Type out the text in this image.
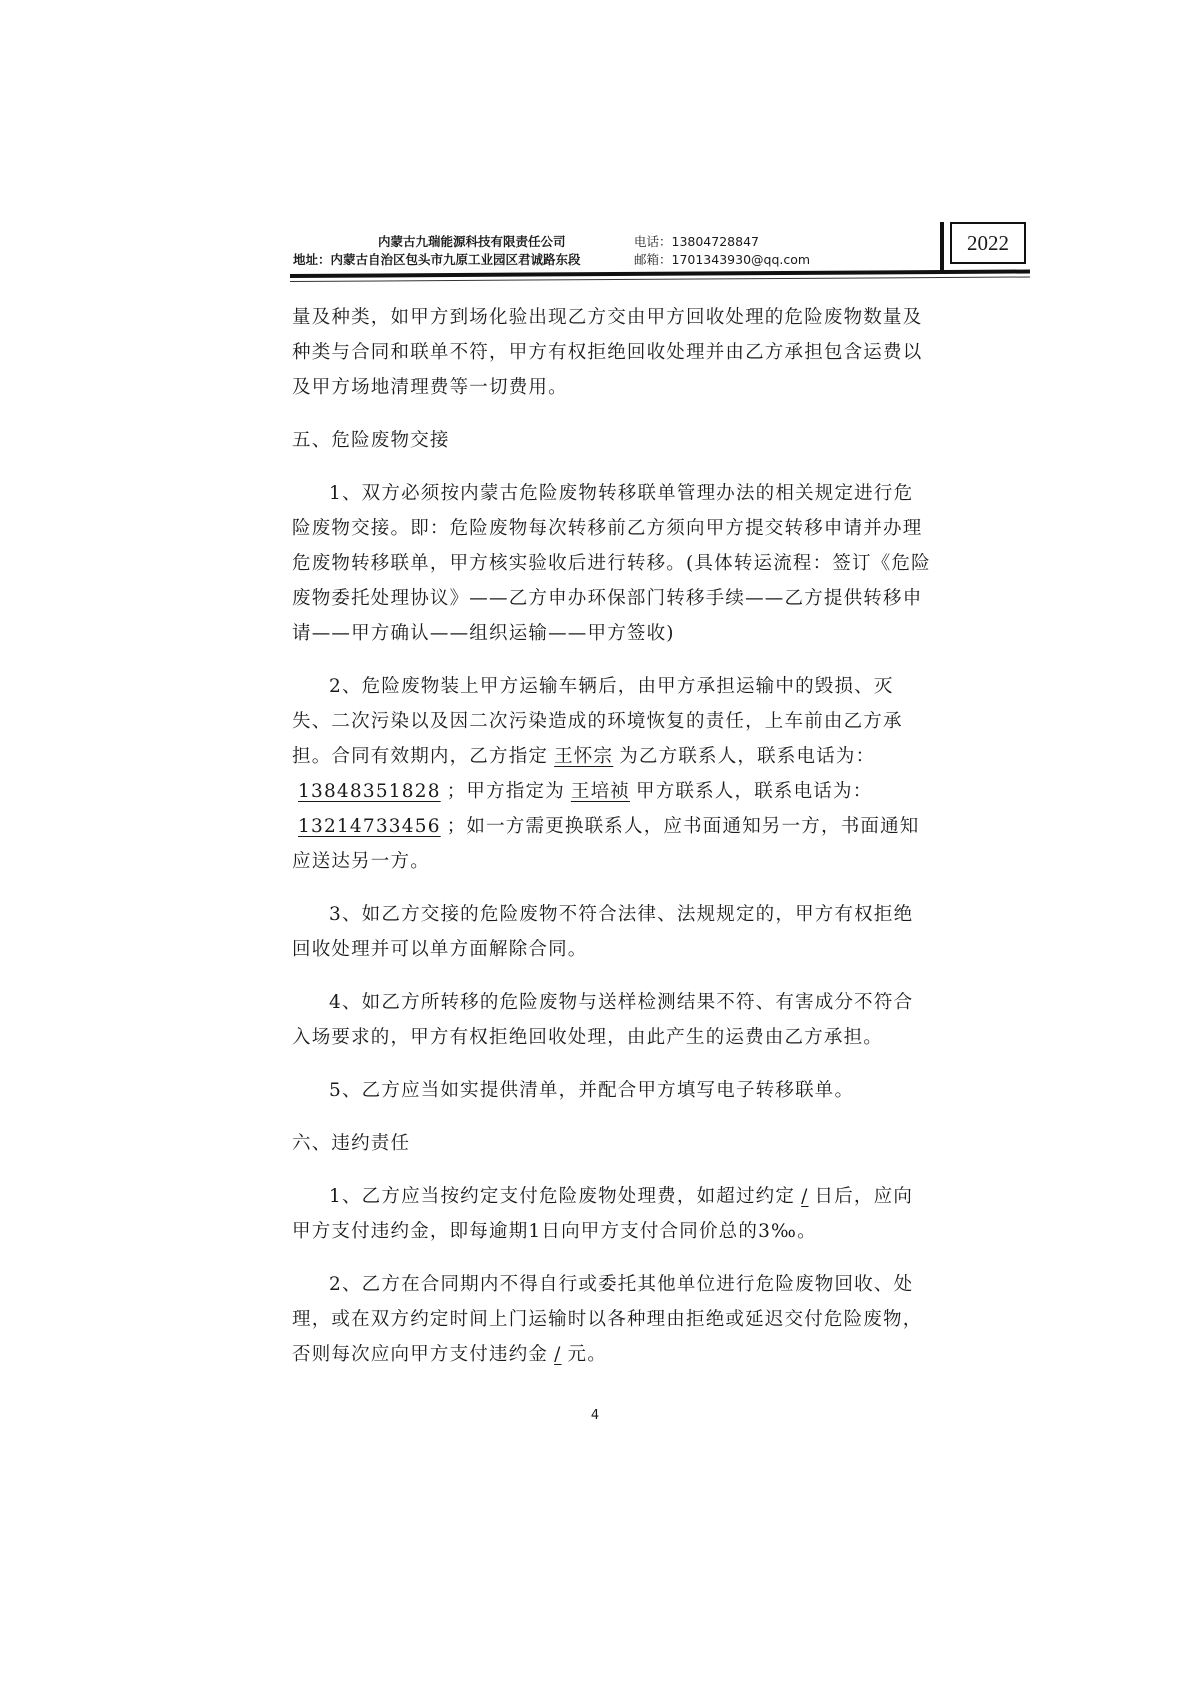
内蒙古九瑞能源科技有限责任公司
地址：内蒙古自治区包头市九原工业园区君诚路东段
电话：13804728847
邮箱：1701343930@qq.com
2022

量及种类，如甲方到场化验出现乙方交由甲方回收处理的危险废物数量及种类与合同和联单不符，甲方有权拒绝回收处理并由乙方承担包含运费以及甲方场地清理费等一切费用。

五、危险废物交接

1、双方必须按内蒙古危险废物转移联单管理办法的相关规定进行危险废物交接。即：危险废物每次转移前乙方须向甲方提交转移申请并办理危废物转移联单，甲方核实验收后进行转移。(具体转运流程：签订《危险废物委托处理协议》——乙方申办环保部门转移手续——乙方提供转移申请——甲方确认——组织运输——甲方签收)

2、危险废物装上甲方运输车辆后，由甲方承担运输中的毁损、灭失、二次污染以及因二次污染造成的环境恢复的责任，上车前由乙方承担。合同有效期内，乙方指定 王怀宗 为乙方联系人，联系电话为：13848351828 ；甲方指定为 王培祯 甲方联系人，联系电话为：13214733456 ；如一方需更换联系人，应书面通知另一方，书面通知应送达另一方。

3、如乙方交接的危险废物不符合法律、法规规定的，甲方有权拒绝回收处理并可以单方面解除合同。

4、如乙方所转移的危险废物与送样检测结果不符、有害成分不符合入场要求的，甲方有权拒绝回收处理，由此产生的运费由乙方承担。

5、乙方应当如实提供清单，并配合甲方填写电子转移联单。

六、违约责任

1、乙方应当按约定支付危险废物处理费，如超过约定 / 日后，应向甲方支付违约金，即每逾期1日向甲方支付合同价总的3‰。

2、乙方在合同期内不得自行或委托其他单位进行危险废物回收、处理，或在双方约定时间上门运输时以各种理由拒绝或延迟交付危险废物，否则每次应向甲方支付违约金 / 元。

4
